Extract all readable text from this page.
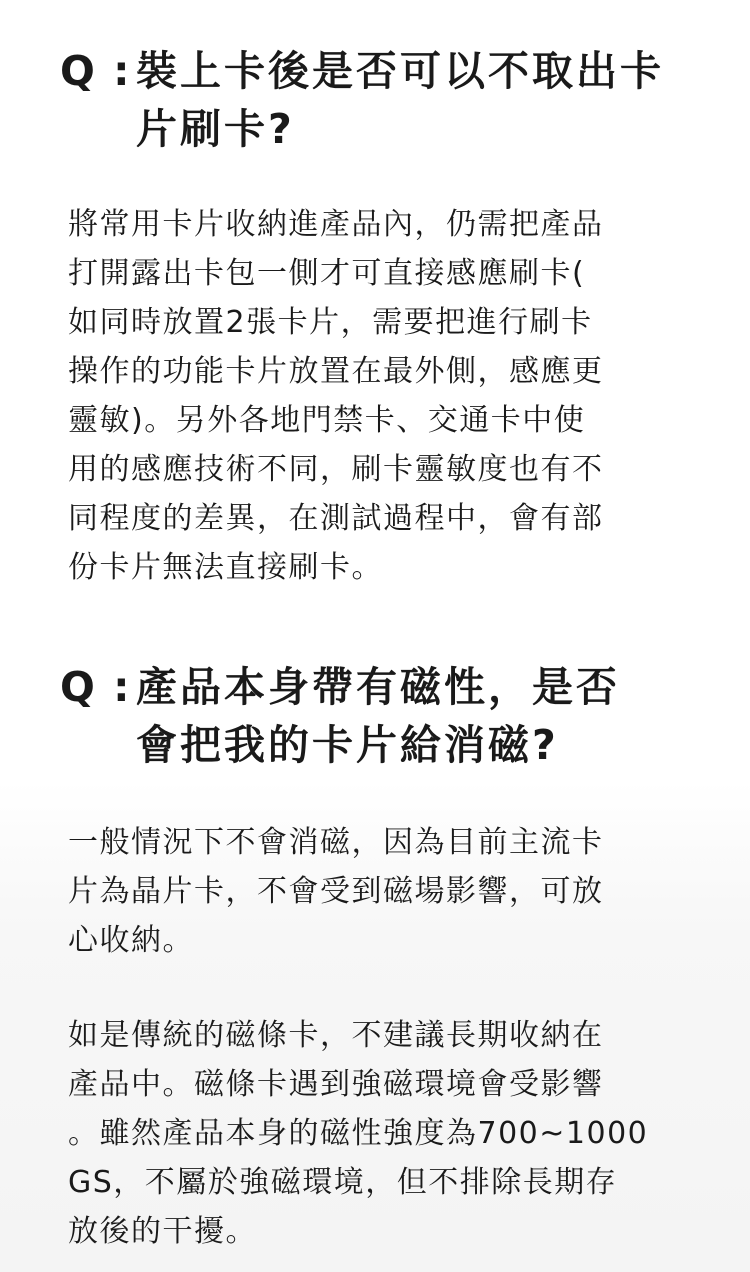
Q : 裝上卡後是否可以不取出卡
片刷卡?
將常用卡片收納進產品內，仍需把產品
打開露出卡包一側才可直接感應刷卡(
如同時放置2張卡片，需要把進行刷卡
操作的功能卡片放置在最外側，感應更
靈敏)。另外各地門禁卡、交通卡中使
用的感應技術不同，刷卡靈敏度也有不
同程度的差異，在測試過程中，會有部
份卡片無法直接刷卡。
Q : 產品本身帶有磁性，是否
會把我的卡片給消磁?
一般情況下不會消磁，因為目前主流卡
片為晶片卡，不會受到磁場影響，可放
心收納。
如是傳統的磁條卡，不建議長期收納在
產品中。磁條卡遇到強磁環境會受影響
。雖然產品本身的磁性強度為700~1000
GS，不屬於強磁環境，但不排除長期存
放後的干擾。
